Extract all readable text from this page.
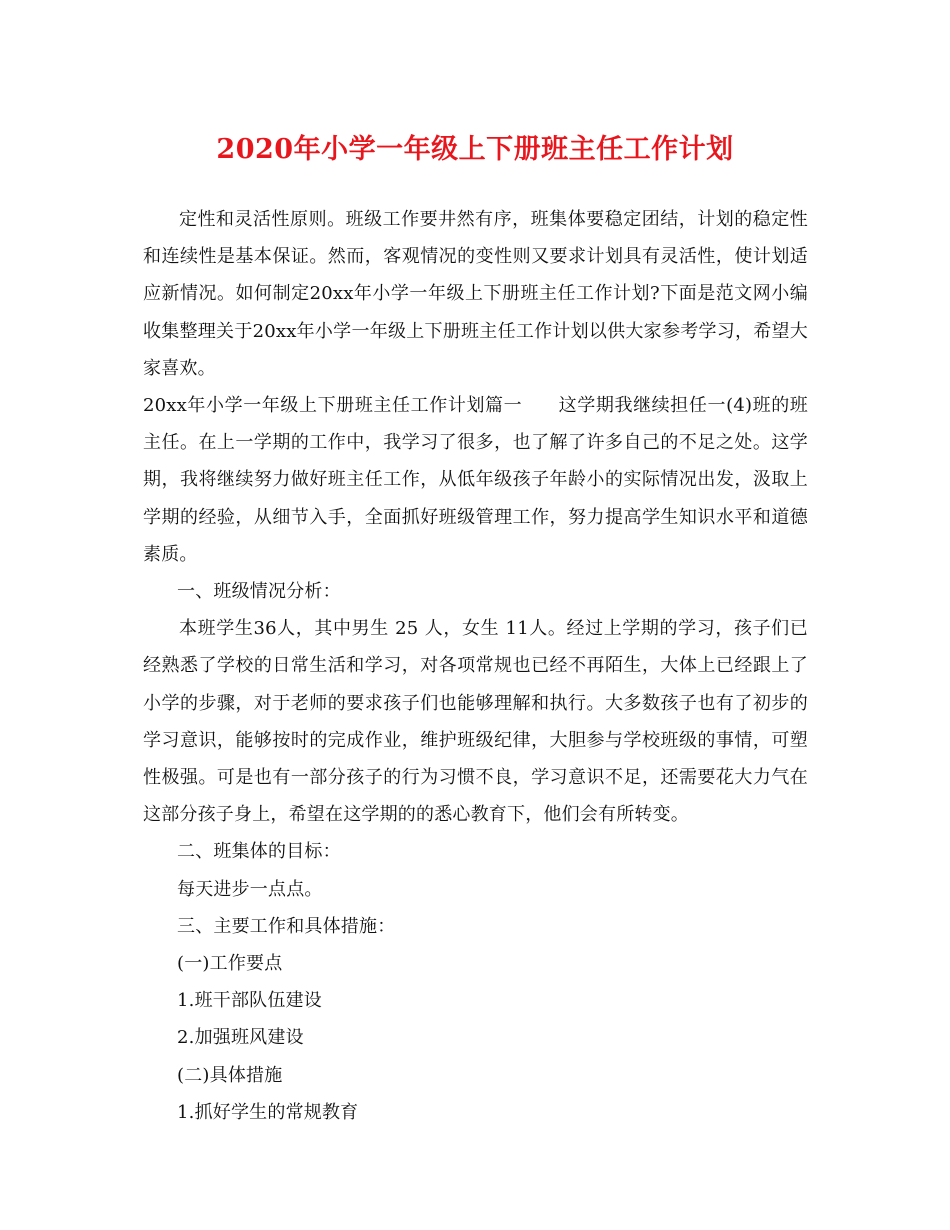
2020年小学一年级上下册班主任工作计划

定性和灵活性原则。班级工作要井然有序，班集体要稳定团结，计划的稳定性和连续性是基本保证。然而，客观情况的变性则又要求计划具有灵活性，使计划适应新情况。如何制定20xx年小学一年级上下册班主任工作计划?下面是范文网小编收集整理关于20xx年小学一年级上下册班主任工作计划以供大家参考学习，希望大家喜欢。

20xx年小学一年级上下册班主任工作计划篇一 这学期我继续担任一(4)班的班主任。在上一学期的工作中，我学习了很多，也了解了许多自己的不足之处。这学期，我将继续努力做好班主任工作，从低年级孩子年龄小的实际情况出发，汲取上学期的经验，从细节入手，全面抓好班级管理工作，努力提高学生知识水平和道德素质。

一、班级情况分析：

本班学生36人，其中男生 25 人，女生 11人。经过上学期的学习，孩子们已经熟悉了学校的日常生活和学习，对各项常规也已经不再陌生，大体上已经跟上了小学的步骤，对于老师的要求孩子们也能够理解和执行。大多数孩子也有了初步的学习意识，能够按时的完成作业，维护班级纪律，大胆参与学校班级的事情，可塑性极强。可是也有一部分孩子的行为习惯不良，学习意识不足，还需要花大力气在这部分孩子身上，希望在这学期的的悉心教育下，他们会有所转变。

二、班集体的目标：

每天进步一点点。

三、主要工作和具体措施：

(一)工作要点

1.班干部队伍建设

2.加强班风建设

(二)具体措施

1.抓好学生的常规教育
